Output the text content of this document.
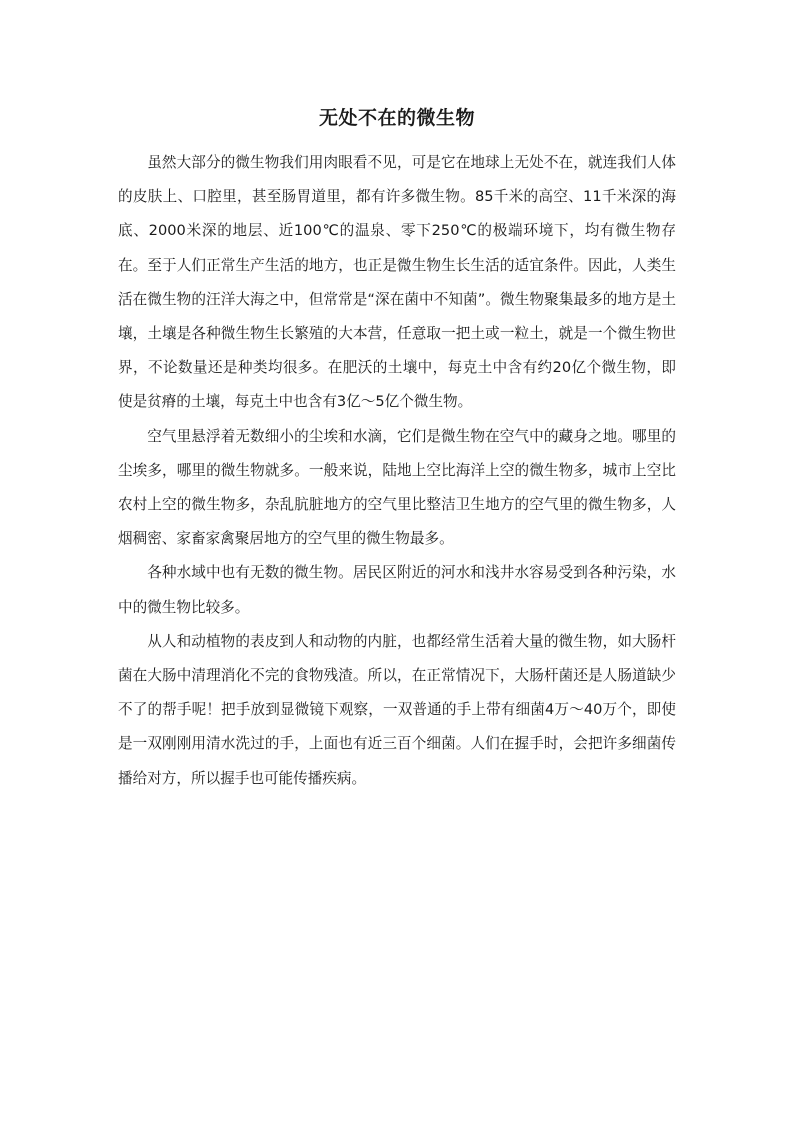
无处不在的微生物

虽然大部分的微生物我们用肉眼看不见，可是它在地球上无处不在，就连我们人体的皮肤上、口腔里，甚至肠胃道里，都有许多微生物。85千米的高空、11千米深的海底、2000米深的地层、近100℃的温泉、零下250℃的极端环境下，均有微生物存在。至于人们正常生产生活的地方，也正是微生物生长生活的适宜条件。因此，人类生活在微生物的汪洋大海之中，但常常是“深在菌中不知菌”。微生物聚集最多的地方是土壤，土壤是各种微生物生长繁殖的大本营，任意取一把土或一粒土，就是一个微生物世界，不论数量还是种类均很多。在肥沃的土壤中，每克土中含有约20亿个微生物，即使是贫瘠的土壤，每克土中也含有3亿～5亿个微生物。

空气里悬浮着无数细小的尘埃和水滴，它们是微生物在空气中的藏身之地。哪里的尘埃多，哪里的微生物就多。一般来说，陆地上空比海洋上空的微生物多，城市上空比农村上空的微生物多，杂乱肮脏地方的空气里比整洁卫生地方的空气里的微生物多，人烟稠密、家畜家禽聚居地方的空气里的微生物最多。

各种水域中也有无数的微生物。居民区附近的河水和浅井水容易受到各种污染，水中的微生物比较多。

从人和动植物的表皮到人和动物的内脏，也都经常生活着大量的微生物，如大肠杆菌在大肠中清理消化不完的食物残渣。所以，在正常情况下，大肠杆菌还是人肠道缺少不了的帮手呢！把手放到显微镜下观察，一双普通的手上带有细菌4万～40万个，即使是一双刚刚用清水洗过的手，上面也有近三百个细菌。人们在握手时，会把许多细菌传播给对方，所以握手也可能传播疾病。
